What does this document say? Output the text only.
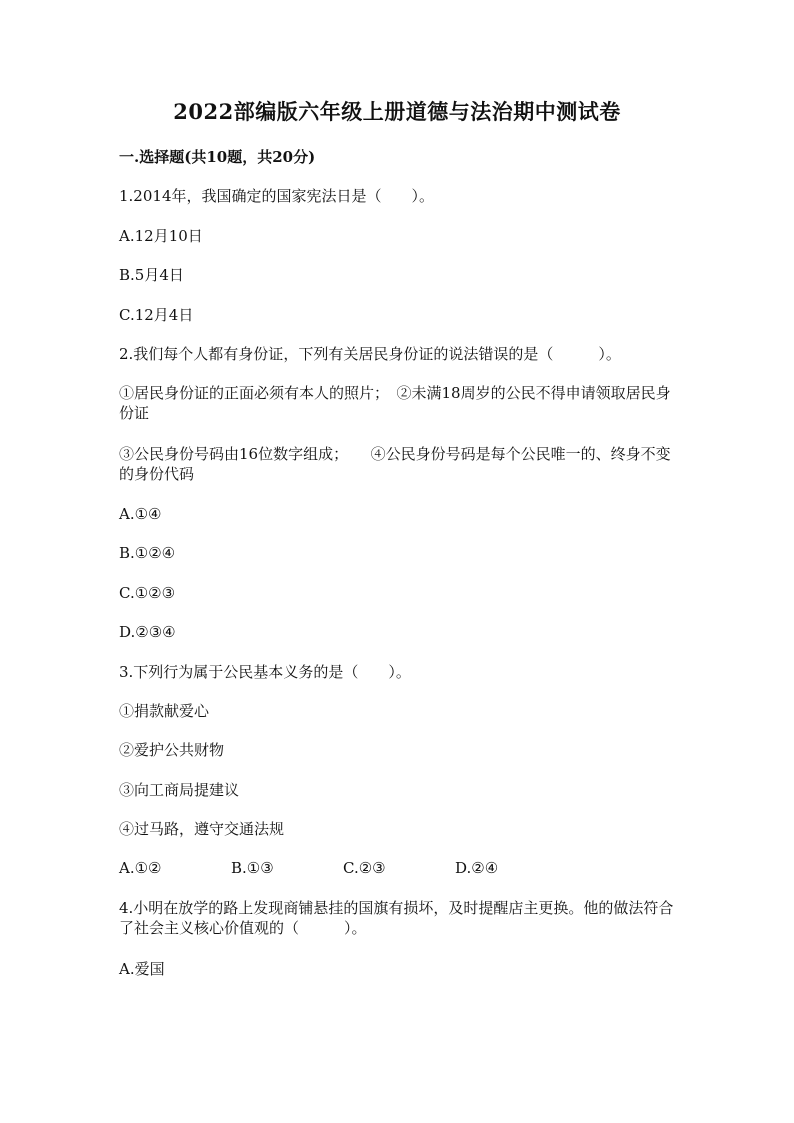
2022部编版六年级上册道德与法治期中测试卷
一.选择题(共10题，共20分)
1.2014年，我国确定的国家宪法日是（　　）。
A.12月10日
B.5月4日
C.12月4日
2.我们每个人都有身份证，下列有关居民身份证的说法错误的是（　　　）。
①居民身份证的正面必须有本人的照片；　②未满18周岁的公民不得申请领取居民身份证
③公民身份号码由16位数字组成；　　④公民身份号码是每个公民唯一的、终身不变的身份代码
A.①④
B.①②④
C.①②③
D.②③④
3.下列行为属于公民基本义务的是（　　）。
①捐款献爱心
②爱护公共财物
③向工商局提建议
④过马路，遵守交通法规
A.①②	B.①③	C.②③	D.②④
4.小明在放学的路上发现商铺悬挂的国旗有损坏，及时提醒店主更换。他的做法符合了社会主义核心价值观的（　　　）。
A.爱国
